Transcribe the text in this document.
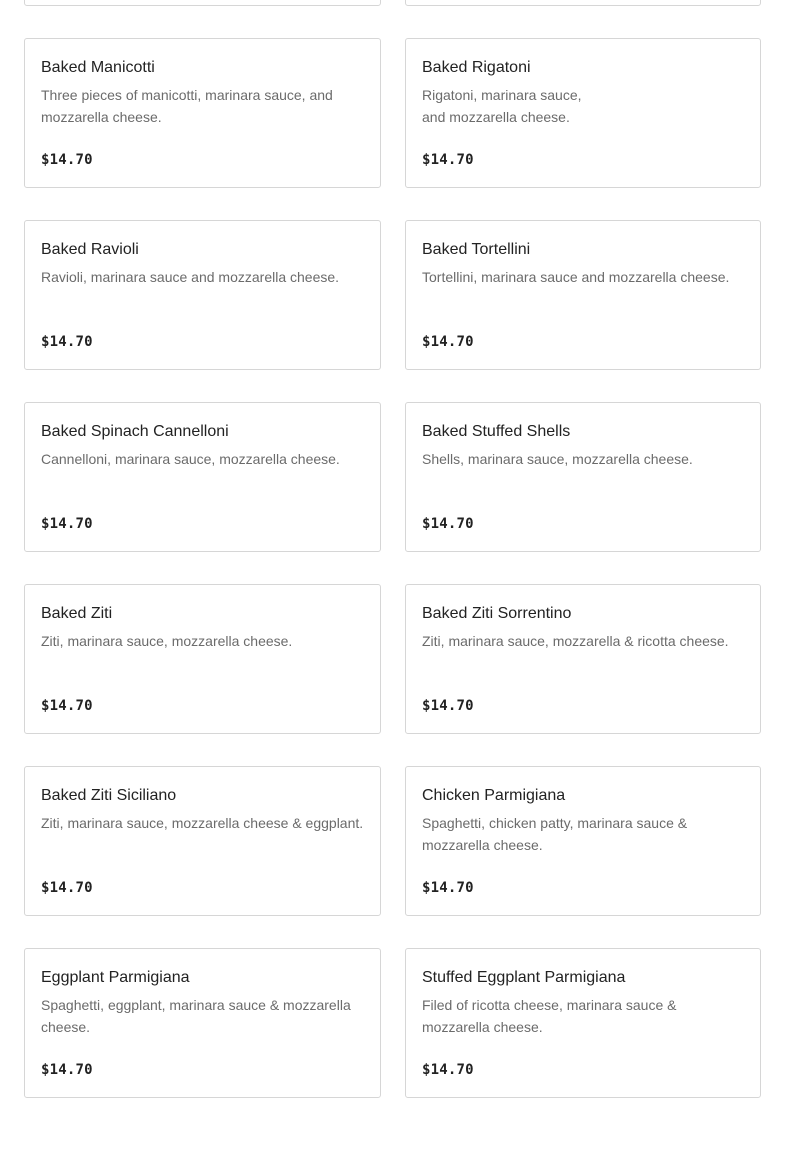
Baked Manicotti
Three pieces of manicotti, marinara sauce, and mozzarella cheese.
$14.70
Baked Rigatoni
Rigatoni, marinara sauce,
and mozzarella cheese.
$14.70
Baked Ravioli
Ravioli, marinara sauce and mozzarella cheese.
$14.70
Baked Tortellini
Tortellini, marinara sauce and mozzarella cheese.
$14.70
Baked Spinach Cannelloni
Cannelloni, marinara sauce, mozzarella cheese.
$14.70
Baked Stuffed Shells
Shells, marinara sauce, mozzarella cheese.
$14.70
Baked Ziti
Ziti, marinara sauce, mozzarella cheese.
$14.70
Baked Ziti Sorrentino
Ziti, marinara sauce, mozzarella & ricotta cheese.
$14.70
Baked Ziti Siciliano
Ziti, marinara sauce, mozzarella cheese & eggplant.
$14.70
Chicken Parmigiana
Spaghetti, chicken patty, marinara sauce & mozzarella cheese.
$14.70
Eggplant Parmigiana
Spaghetti, eggplant, marinara sauce & mozzarella cheese.
$14.70
Stuffed Eggplant Parmigiana
Filed of ricotta cheese, marinara sauce & mozzarella cheese.
$14.70
